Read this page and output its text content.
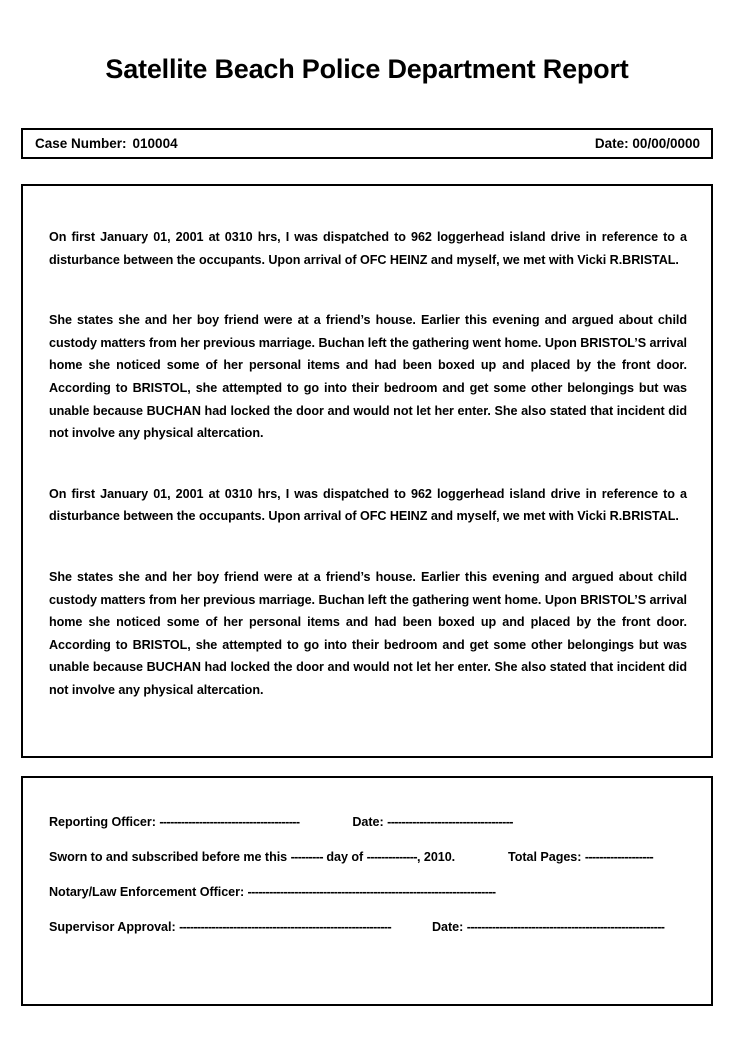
Satellite Beach Police Department Report
Case Number: 010004	Date: 00/00/0000

On first January 01, 2001 at 0310 hrs, I was dispatched to 962 loggerhead island drive in reference to a disturbance between the occupants. Upon arrival of OFC HEINZ and myself, we met with Vicki R.BRISTAL.

She states she and her boy friend were at a friend’s house. Earlier this evening and argued about child custody matters from her previous marriage. Buchan left the gathering went home. Upon BRISTOL’S arrival home she noticed some of her personal items and had been boxed up and placed by the front door. According to BRISTOL, she attempted to go into their bedroom and get some other belongings but was unable because BUCHAN had locked the door and would not let her enter. She also stated that incident did not involve any physical altercation.

On first January 01, 2001 at 0310 hrs, I was dispatched to 962 loggerhead island drive in reference to a disturbance between the occupants. Upon arrival of OFC HEINZ and myself, we met with Vicki R.BRISTAL.

She states she and her boy friend were at a friend’s house. Earlier this evening and argued about child custody matters from her previous marriage. Buchan left the gathering went home. Upon BRISTOL’S arrival home she noticed some of her personal items and had been boxed up and placed by the front door. According to BRISTOL, she attempted to go into their bedroom and get some other belongings but was unable because BUCHAN had locked the door and would not let her enter. She also stated that incident did not involve any physical altercation.

Reporting Officer: ---------------------------------------	Date: -----------------------------------
Sworn to and subscribed before me this --------- day of --------------, 2010.	Total Pages: -------------------
Notary/Law Enforcement Officer: ---------------------------------------------------------------------
Supervisor Approval: -----------------------------------------------------------	Date: -------------------------------------------------------
